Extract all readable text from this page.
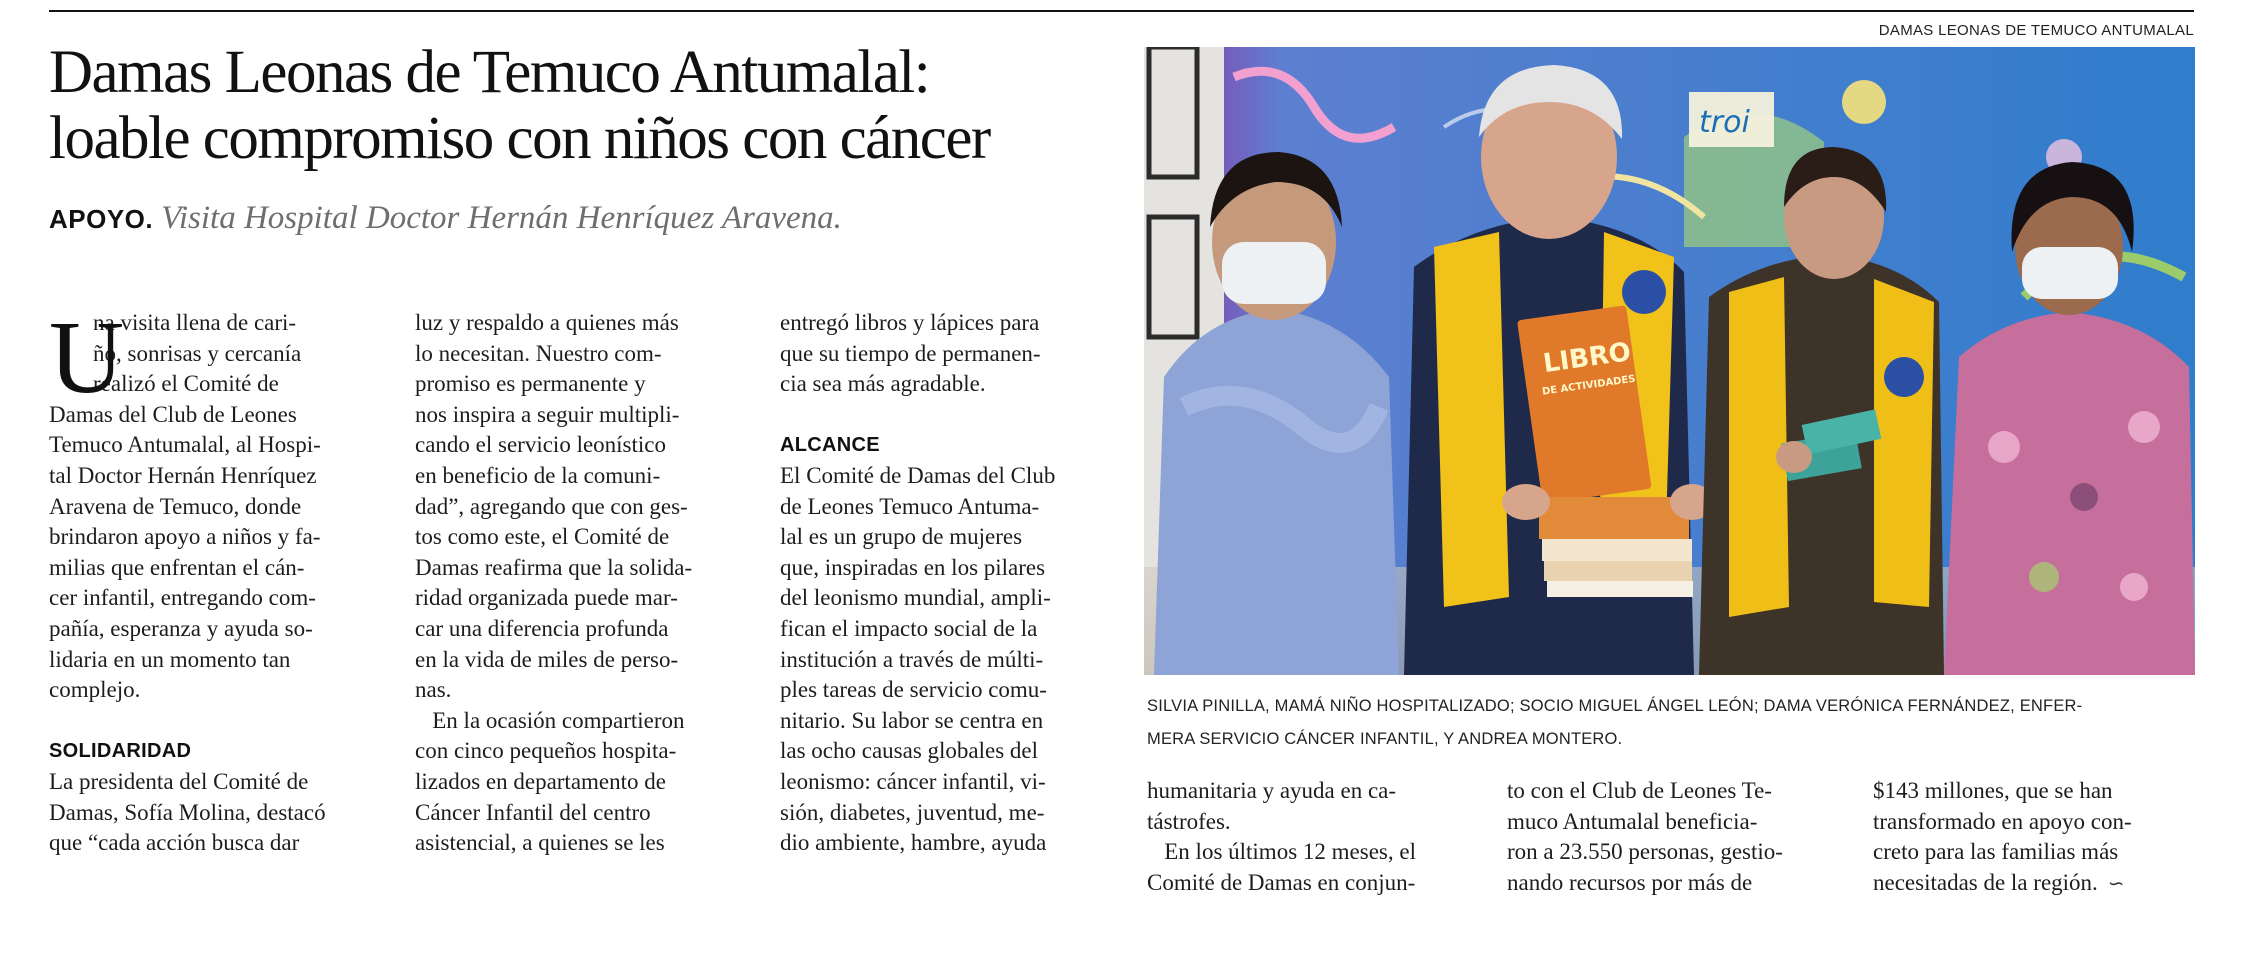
DAMAS LEONAS DE TEMUCO ANTUMALAL
Damas Leonas de Temuco Antumalal:
loable compromiso con niños con cáncer
APOYO. Visita Hospital Doctor Hernán Henríquez Aravena.

U
na visita llena de cari-

ño, sonrisas y cercanía

realizó el Comité de

Damas del Club de Leones

Temuco Antumalal, al Hospi-

tal Doctor Hernán Henríquez

Aravena de Temuco, donde

brindaron apoyo a niños y fa-

milias que enfrentan el cán-

cer infantil, entregando com-

pañía, esperanza y ayuda so-

lidaria en un momento tan

complejo.

SOLIDARIDAD

La presidenta del Comité de

Damas, Sofía Molina, destacó

que “cada acción busca dar

luz y respaldo a quienes más

lo necesitan. Nuestro com-

promiso es permanente y

nos inspira a seguir multipli-

cando el servicio leonístico

en beneficio de la comuni-

dad”, agregando que con ges-

tos como este, el Comité de

Damas reafirma que la solida-

ridad organizada puede mar-

car una diferencia profunda

en la vida de miles de perso-

nas.

En la ocasión compartieron

con cinco pequeños hospita-

lizados en departamento de

Cáncer Infantil del centro

asistencial, a quienes se les

entregó libros y lápices para

que su tiempo de permanen-

cia sea más agradable.

ALCANCE

El Comité de Damas del Club

de Leones Temuco Antuma-

lal es un grupo de mujeres

que, inspiradas en los pilares

del leonismo mundial, ampli-

fican el impacto social de la

institución a través de múlti-

ples tareas de servicio comu-

nitario. Su labor se centra en

las ocho causas globales del

leonismo: cáncer infantil, vi-

sión, diabetes, juventud, me-

dio ambiente, hambre, ayuda

troi
LIBRO
DE ACTIVIDADES
SILVIA PINILLA, MAMÁ NIÑO HOSPITALIZADO; SOCIO MIGUEL ÁNGEL LEÓN; DAMA VERÓNICA FERNÁNDEZ, ENFER-
MERA SERVICIO CÁNCER INFANTIL, Y ANDREA MONTERO.

humanitaria y ayuda en ca-

tástrofes.

En los últimos 12 meses, el

Comité de Damas en conjun-

to con el Club de Leones Te-

muco Antumalal beneficia-

ron a 23.550 personas, gestio-

nando recursos por más de

$143 millones, que se han

transformado en apoyo con-

creto para las familias más

necesitadas de la región. ∽
